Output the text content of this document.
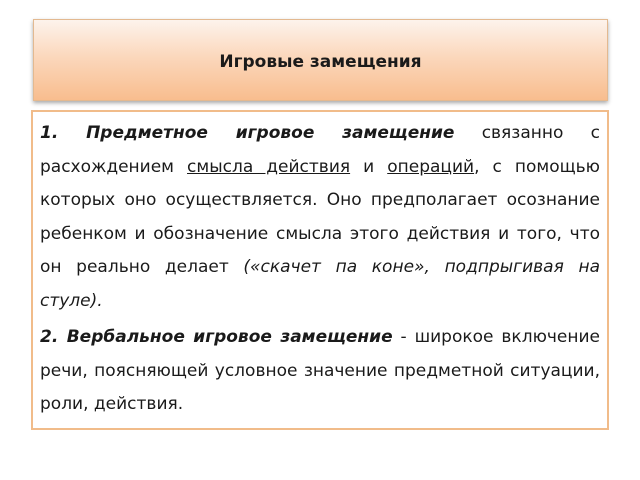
Игровые замещения

1. Предметное игровое замещение связанно с расхождением смысла действия и операций, с помощью которых оно осуществляется. Оно предполагает осознание ребенком и обозначение смысла этого действия и того, что он реально делает («скачет па коне», подпрыгивая на стуле).

2. Вербальное игровое замещение - широкое включение речи, поясняющей условное значение предметной ситуации, роли, действия.
